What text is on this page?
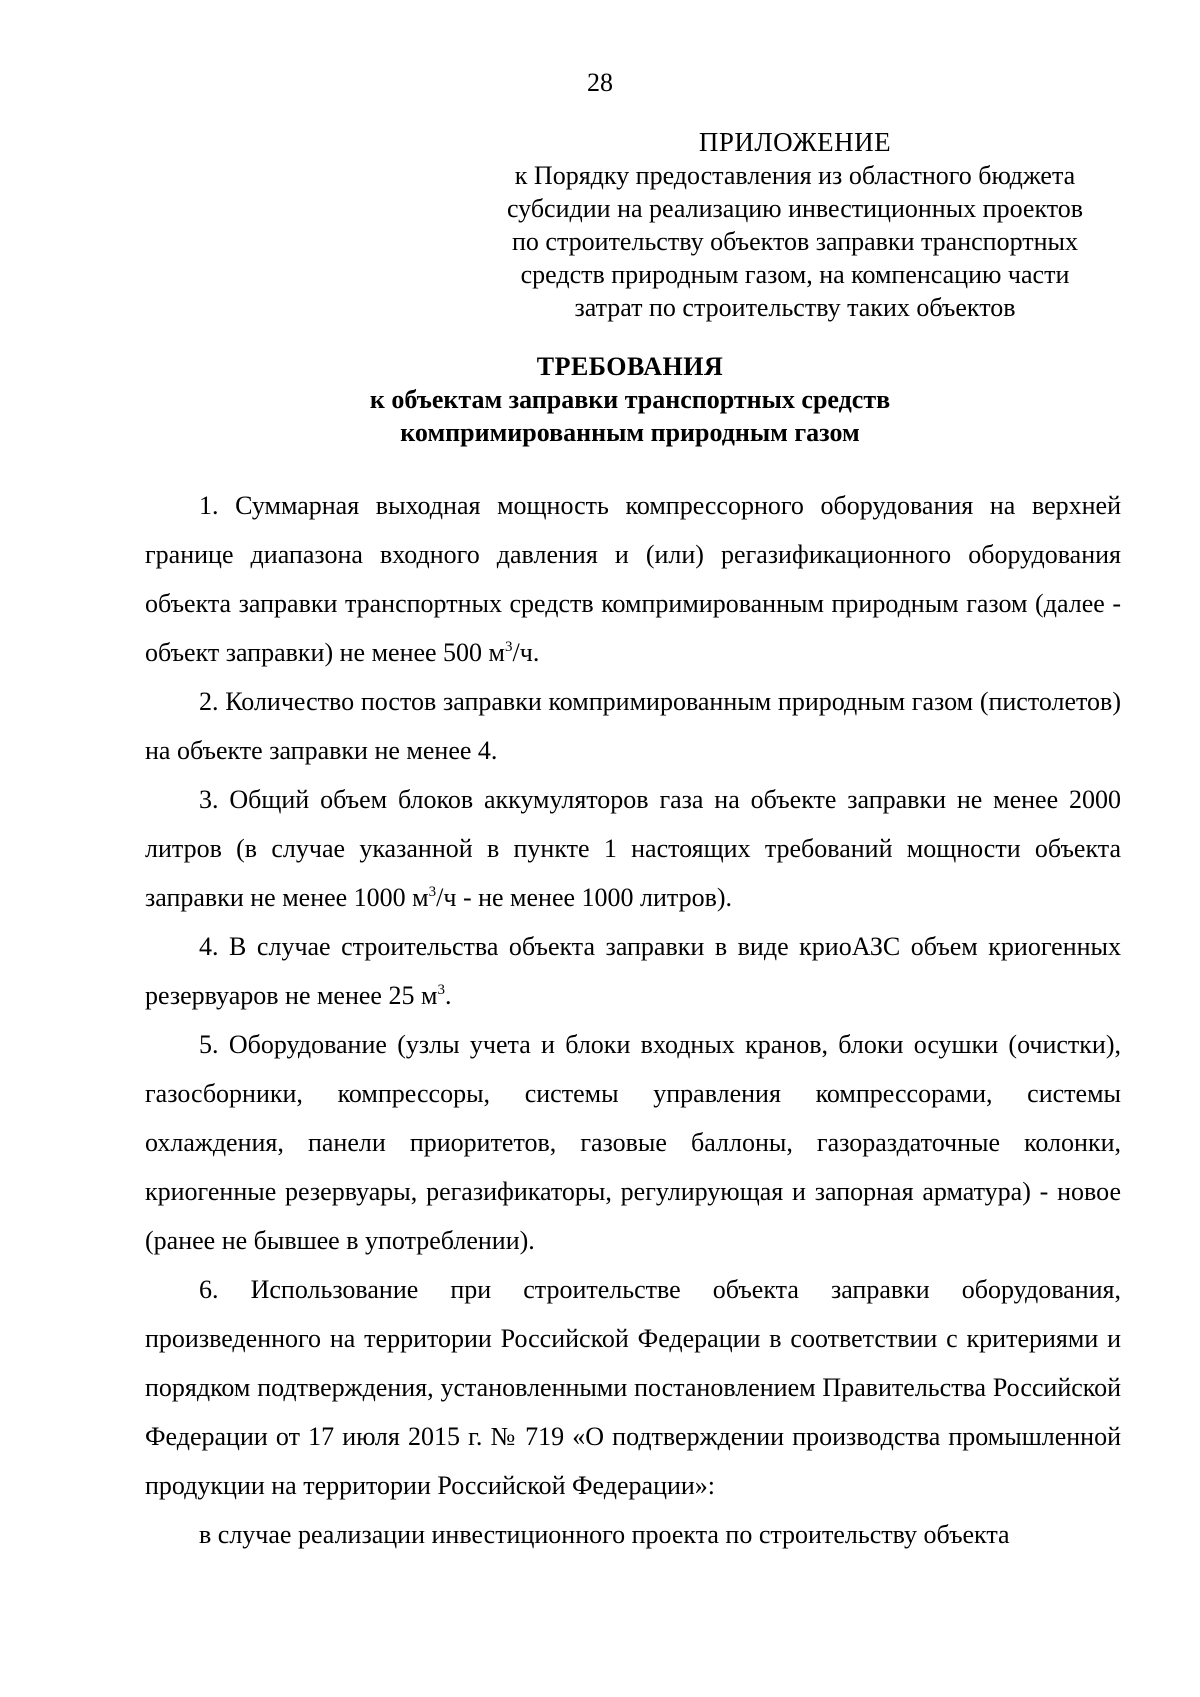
28
ПРИЛОЖЕНИЕ
к Порядку предоставления из областного бюджета
субсидии на реализацию инвестиционных проектов
по строительству объектов заправки транспортных
средств природным газом, на компенсацию части
затрат по строительству таких объектов
ТРЕБОВАНИЯ
к объектам заправки транспортных средств
компримированным природным газом

1. Суммарная выходная мощность компрессорного оборудования на верхней границе диапазона входного давления и (или) регазификационного оборудования объекта заправки транспортных средств компримированным природным газом (далее - объект заправки) не менее 500 $м^3/ч$.

2. Количество постов заправки компримированным природным газом (пистолетов) на объекте заправки не менее 4.

3. Общий объем блоков аккумуляторов газа на объекте заправки не менее 2000 литров (в случае указанной в пункте 1 настоящих требований мощности объекта заправки не менее 1000 $м^3/ч$ - не менее 1000 литров).

4. В случае строительства объекта заправки в виде криоАЗС объем криогенных резервуаров не менее 25 $м^3$.

5. Оборудование (узлы учета и блоки входных кранов, блоки осушки (очистки), газосборники, компрессоры, системы управления компрессорами, системы охлаждения, панели приоритетов, газовые баллоны, газораздаточные колонки, криогенные резервуары, регазификаторы, регулирующая и запорная арматура) - новое (ранее не бывшее в употреблении).

6. Использование при строительстве объекта заправки оборудования, произведенного на территории Российской Федерации в соответствии с критериями и порядком подтверждения, установленными постановлением Правительства Российской Федерации от 17 июля 2015 г. № 719 «О подтверждении производства промышленной продукции на территории Российской Федерации»:

в случае реализации инвестиционного проекта по строительству объекта
